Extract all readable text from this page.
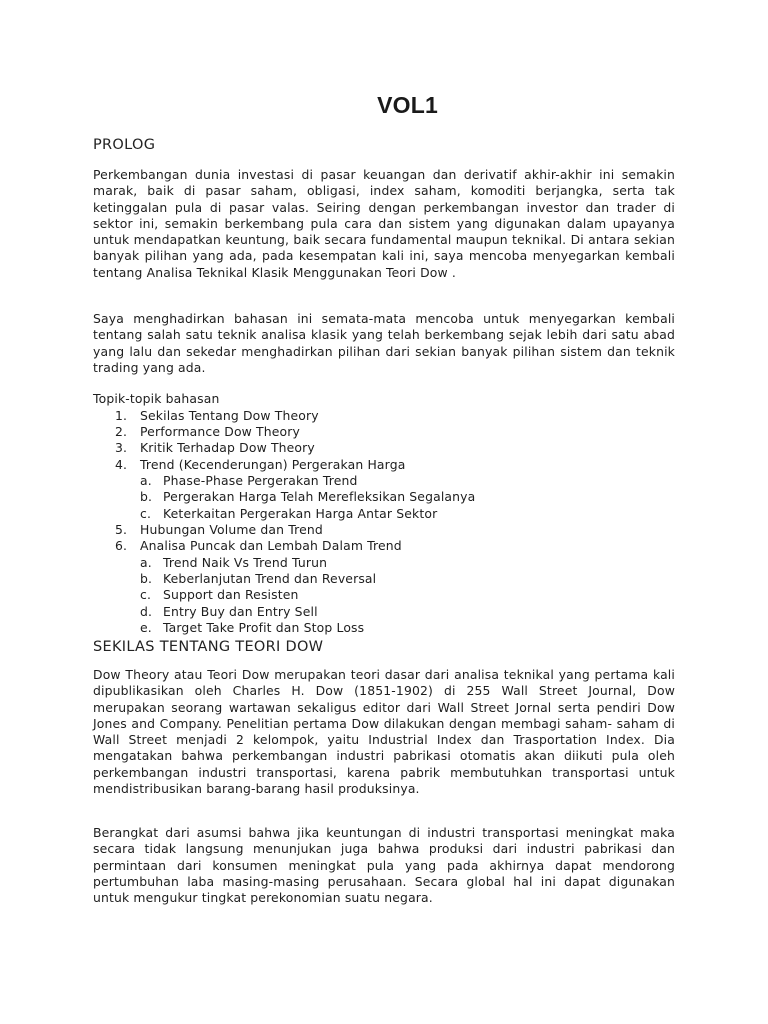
VOL1
PROLOG

Perkembangan dunia investasi di pasar keuangan dan derivatif akhir-akhir ini semakin marak, baik di pasar saham, obligasi, index saham, komoditi berjangka, serta tak ketinggalan pula di pasar valas. Seiring dengan perkembangan investor dan trader di sektor ini, semakin berkembang pula cara dan sistem yang digunakan dalam upayanya untuk mendapatkan keuntung, baik secara fundamental maupun teknikal. Di antara sekian banyak pilihan yang ada, pada kesempatan kali ini, saya mencoba menyegarkan kembali tentang Analisa Teknikal Klasik Menggunakan Teori Dow .

Saya menghadirkan bahasan ini semata-mata mencoba untuk menyegarkan kembali tentang salah satu teknik analisa klasik yang telah berkembang sejak lebih dari satu abad yang lalu dan sekedar menghadirkan pilihan dari sekian banyak pilihan sistem dan teknik trading yang ada.

Topik-topik bahasan

1. Sekilas Tentang Dow Theory
2. Performance Dow Theory
3. Kritik Terhadap Dow Theory
4. Trend (Kecenderungan) Pergerakan Harga
a. Phase-Phase Pergerakan Trend
b. Pergerakan Harga Telah Merefleksikan Segalanya
c. Keterkaitan Pergerakan Harga Antar Sektor
5. Hubungan Volume dan Trend
6. Analisa Puncak dan Lembah Dalam Trend
a. Trend Naik Vs Trend Turun
b. Keberlanjutan Trend dan Reversal
c. Support dan Resisten
d. Entry Buy dan Entry Sell
e. Target Take Profit dan Stop Loss
SEKILAS TENTANG TEORI DOW

Dow Theory atau Teori Dow merupakan teori dasar dari analisa teknikal yang pertama kali dipublikasikan oleh Charles H. Dow (1851-1902) di 255 Wall Street Journal, Dow merupakan seorang wartawan sekaligus editor dari Wall Street Jornal serta pendiri Dow Jones and Company. Penelitian pertama Dow dilakukan dengan membagi saham- saham di Wall Street menjadi 2 kelompok, yaitu Industrial Index dan Trasportation Index. Dia mengatakan bahwa perkembangan industri pabrikasi otomatis akan diikuti pula oleh perkembangan industri transportasi, karena pabrik membutuhkan transportasi untuk mendistribusikan barang-barang hasil produksinya.

Berangkat dari asumsi bahwa jika keuntungan di industri transportasi meningkat maka secara tidak langsung menunjukan juga bahwa produksi dari industri pabrikasi dan permintaan dari konsumen meningkat pula yang pada akhirnya dapat mendorong pertumbuhan laba masing-masing perusahaan. Secara global hal ini dapat digunakan untuk mengukur tingkat perekonomian suatu negara.
